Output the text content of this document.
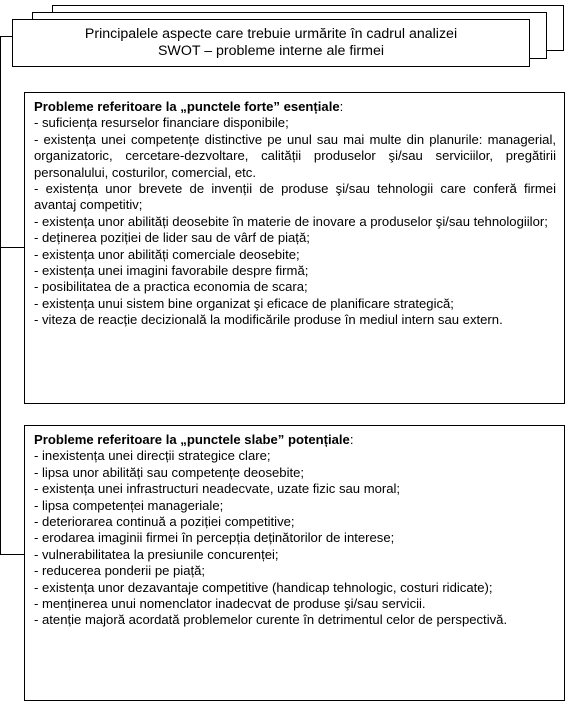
Principalele aspecte care trebuie urmărite în cadrul analizei SWOT – probleme interne ale firmei
Probleme referitoare la „punctele forte” esențiale:
- suficiența resurselor financiare disponibile;
- existența unei competențe distinctive pe unul sau mai multe din planurile: managerial, organizatoric, cercetare-dezvoltare, calității produselor şi/sau serviciilor, pregătirii personalului, costurilor, comercial, etc.
- existența unor brevete de invenții de produse şi/sau tehnologii care conferă firmei avantaj competitiv;
- existența unor abilități deosebite în materie de inovare a produselor şi/sau tehnologiilor;
- deținerea poziției de lider sau de vârf de piață;
- existența unor abilități comerciale deosebite;
- existența unei imagini favorabile despre firmă;
- posibilitatea de a practica economia de scara;
- existența unui sistem bine organizat şi eficace de planificare strategică;
- viteza de reacție decizională la modificările produse în mediul intern sau extern.
Probleme referitoare la „punctele slabe” potențiale:
- inexistența unei direcții strategice clare;
- lipsa unor abilități sau competențe deosebite;
- existența unei infrastructuri neadecvate, uzate fizic sau moral;
- lipsa competenței manageriale;
- deteriorarea continuă a poziției competitive;
- erodarea imaginii firmei în percepția deținătorilor de interese;
- vulnerabilitatea la presiunile concurenței;
- reducerea ponderii pe piață;
- existența unor dezavantaje competitive (handicap tehnologic, costuri ridicate);
- menținerea unui nomenclator inadecvat de produse şi/sau servicii.
- atenție majoră acordată problemelor curente în detrimentul celor de perspectivă.
